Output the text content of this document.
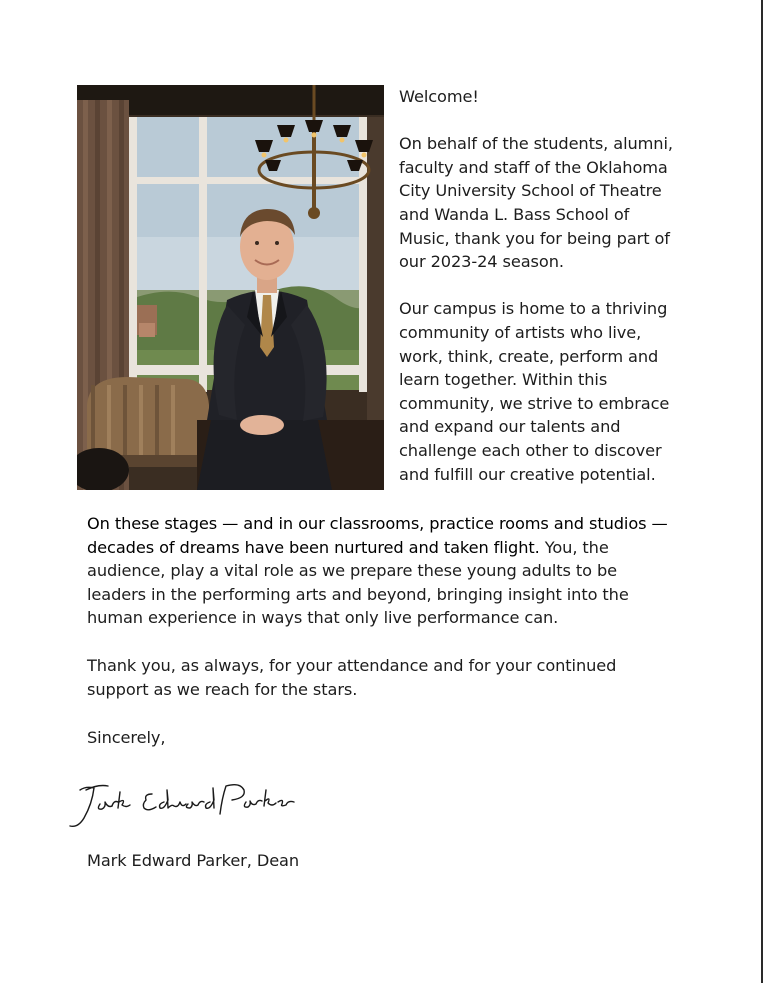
Welcome!

On behalf of the students, alumni, faculty and staff of the Oklahoma City University School of Theatre and Wanda L. Bass School of Music, thank you for being part of our 2023-24 season.

Our campus is home to a thriving community of artists who live, work, think, create, perform and learn together. Within this community, we strive to embrace and expand our talents and challenge each other to discover and fulfill our creative potential.

On these stages — and in our classrooms, practice rooms and studios — decades of dreams have been nurtured and taken flight. You, the audience, play a vital role as we prepare these young adults to be leaders in the performing arts and beyond, bringing insight into the human experience in ways that only live performance can.

Thank you, as always, for your attendance and for your continued support as we reach for the stars.

Sincerely,

Mark Edward Parker, Dean
